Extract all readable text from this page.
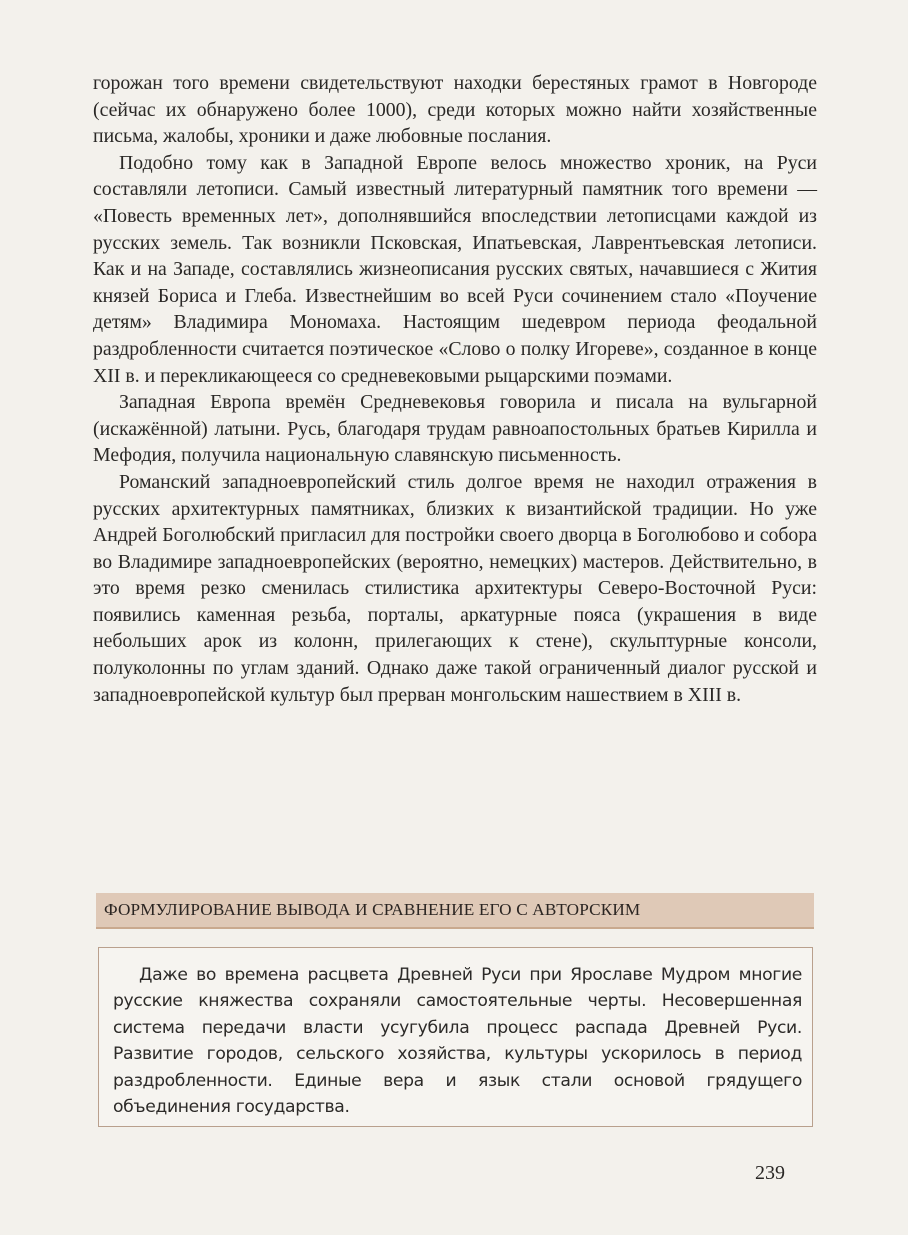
горожан того времени свидетельствуют находки берестяных грамот в Новгороде (сейчас их обнаружено более 1000), среди которых можно найти хозяйственные письма, жалобы, хроники и даже любовные послания.

Подобно тому как в Западной Европе велось множество хроник, на Руси составляли летописи. Самый известный литературный памятник того времени — «Повесть временных лет», дополнявшийся впоследствии летописцами каждой из русских земель. Так возникли Псковская, Ипатьевская, Лаврентьевская летописи. Как и на Западе, составлялись жизнеописания русских святых, начавшиеся с Жития князей Бориса и Глеба. Известнейшим во всей Руси сочинением стало «Поучение детям» Владимира Мономаха. Настоящим шедевром периода феодальной раздробленности считается поэтическое «Слово о полку Игореве», созданное в конце XII в. и перекликающееся со средневековыми рыцарскими поэмами.

Западная Европа времён Средневековья говорила и писала на вульгарной (искажённой) латыни. Русь, благодаря трудам равноапостольных братьев Кирилла и Мефодия, получила национальную славянскую письменность.

Романский западноевропейский стиль долгое время не находил отражения в русских архитектурных памятниках, близких к византийской традиции. Но уже Андрей Боголюбский пригласил для постройки своего дворца в Боголюбово и собора во Владимире западноевропейских (вероятно, немецких) мастеров. Действительно, в это время резко сменилась стилистика архитектуры Северо-Восточной Руси: появились каменная резьба, порталы, аркатурные пояса (украшения в виде небольших арок из колонн, прилегающих к стене), скульптурные консоли, полуколонны по углам зданий. Однако даже такой ограниченный диалог русской и западноевропейской культур был прерван монгольским нашествием в XIII в.

ФОРМУЛИРОВАНИЕ ВЫВОДА И СРАВНЕНИЕ ЕГО С АВТОРСКИМ

Даже во времена расцвета Древней Руси при Ярославе Мудром многие русские княжества сохраняли самостоятельные черты. Несовершенная система передачи власти усугубила процесс распада Древней Руси. Развитие городов, сельского хозяйства, культуры ускорилось в период раздробленности. Единые вера и язык стали основой грядущего объединения государства.

239
